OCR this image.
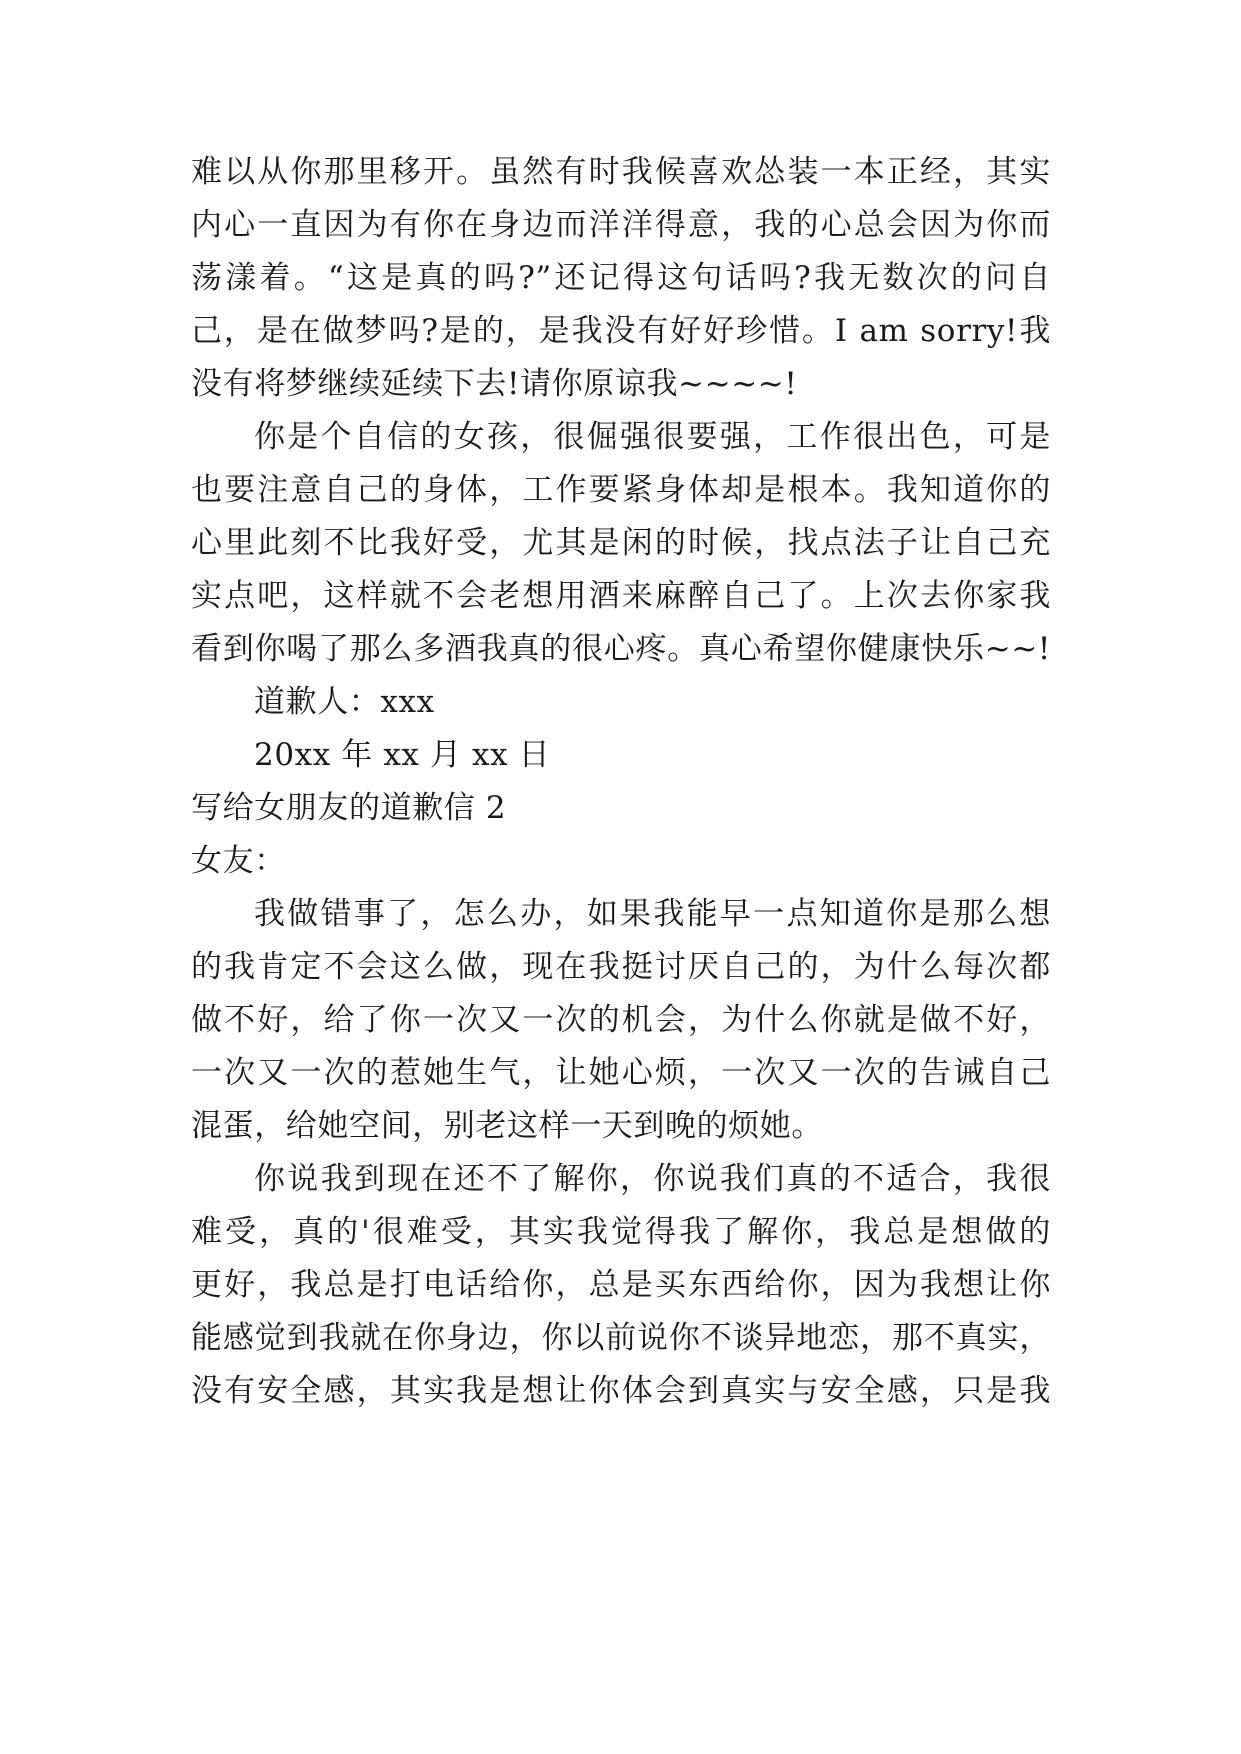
难以从你那里移开。虽然有时我候喜欢怂装一本正经，其实

内心一直因为有你在身边而洋洋得意，我的心总会因为你而

荡漾着。“这是真的吗?”还记得这句话吗?我无数次的问自

己，是在做梦吗?是的，是我没有好好珍惜。I am sorry!我

没有将梦继续延续下去!请你原谅我~~~~!

你是个自信的女孩，很倔强很要强，工作很出色，可是

也要注意自己的身体，工作要紧身体却是根本。我知道你的

心里此刻不比我好受，尤其是闲的时候，找点法子让自己充

实点吧，这样就不会老想用酒来麻醉自己了。上次去你家我

看到你喝了那么多酒我真的很心疼。真心希望你健康快乐~~!

道歉人：xxx

20xx 年 xx 月 xx 日

写给女朋友的道歉信 2

女友：

我做错事了，怎么办，如果我能早一点知道你是那么想

的我肯定不会这么做，现在我挺讨厌自己的，为什么每次都

做不好，给了你一次又一次的机会，为什么你就是做不好，

一次又一次的惹她生气，让她心烦，一次又一次的告诫自己

混蛋，给她空间，别老这样一天到晚的烦她。

你说我到现在还不了解你，你说我们真的不适合，我很

难受，真的'很难受，其实我觉得我了解你，我总是想做的

更好，我总是打电话给你，总是买东西给你，因为我想让你

能感觉到我就在你身边，你以前说你不谈异地恋，那不真实，

没有安全感，其实我是想让你体会到真实与安全感，只是我
